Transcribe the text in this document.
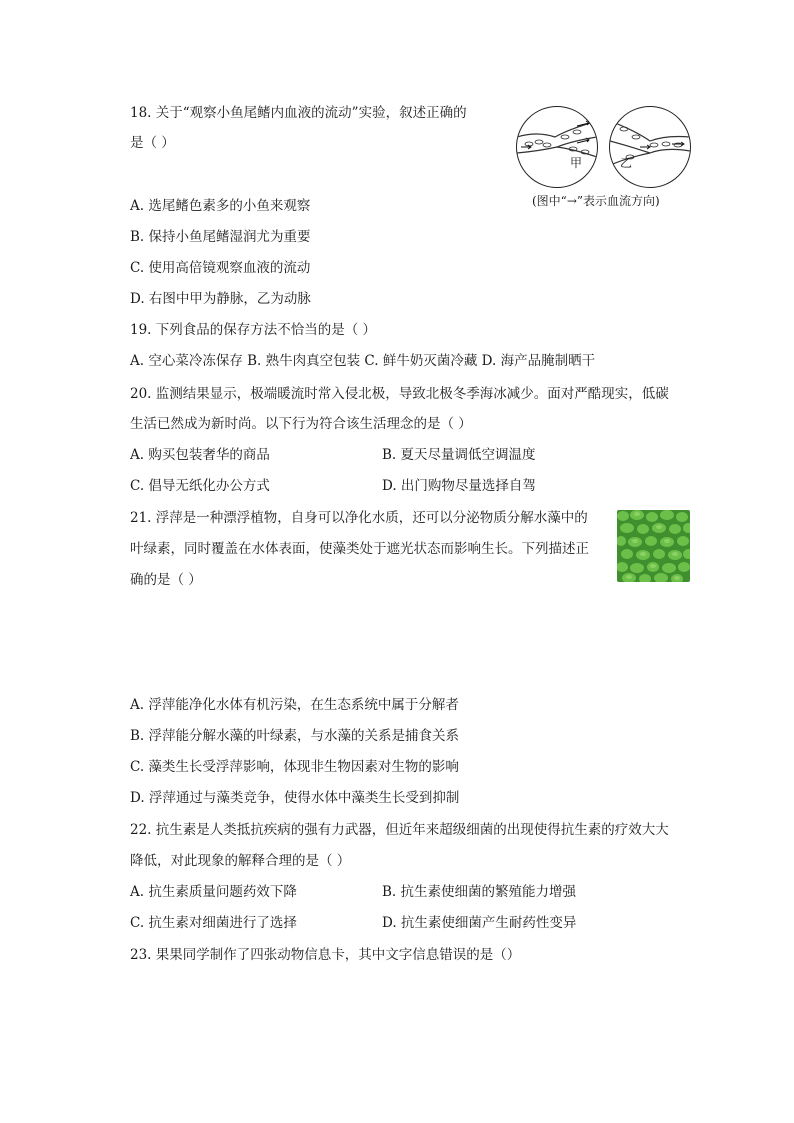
18. 关于“观察小鱼尾鳍内血液的流动”实验，叙述正确的
是（ ）
甲	乙
(图中“→”表示血流方向)
A. 选尾鳍色素多的小鱼来观察
B. 保持小鱼尾鳍湿润尤为重要
C. 使用高倍镜观察血液的流动
D. 右图中甲为静脉，乙为动脉
19. 下列食品的保存方法不恰当的是（ ）
A. 空心菜冷冻保存 B. 熟牛肉真空包装 C. 鲜牛奶灭菌冷藏 D. 海产品腌制晒干
20. 监测结果显示，极端暖流时常入侵北极，导致北极冬季海冰减少。面对严酷现实，低碳
生活已然成为新时尚。以下行为符合该生活理念的是（ ）
A. 购买包装奢华的商品	B. 夏天尽量调低空调温度
C. 倡导无纸化办公方式	D. 出门购物尽量选择自驾
21. 浮萍是一种漂浮植物，自身可以净化水质，还可以分泌物质分解水藻中的
叶绿素，同时覆盖在水体表面，使藻类处于遮光状态而影响生长。下列描述正
确的是（ ）
A. 浮萍能净化水体有机污染，在生态系统中属于分解者
B. 浮萍能分解水藻的叶绿素，与水藻的关系是捕食关系
C. 藻类生长受浮萍影响，体现非生物因素对生物的影响
D. 浮萍通过与藻类竞争，使得水体中藻类生长受到抑制
22. 抗生素是人类抵抗疾病的强有力武器，但近年来超级细菌的出现使得抗生素的疗效大大
降低，对此现象的解释合理的是（ ）
A. 抗生素质量问题药效下降	B. 抗生素使细菌的繁殖能力增强
C. 抗生素对细菌进行了选择	D. 抗生素使细菌产生耐药性变异
23. 果果同学制作了四张动物信息卡，其中文字信息错误的是（）
